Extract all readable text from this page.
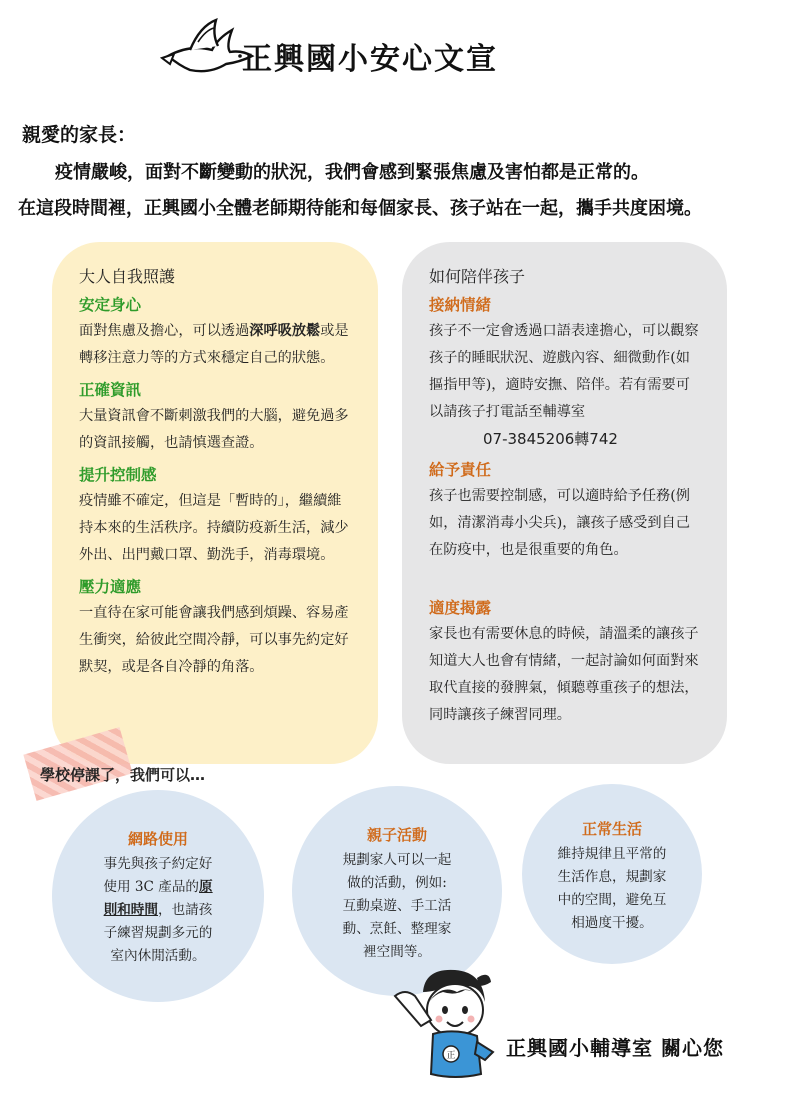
正興國小安心文宣
親愛的家長：
疫情嚴峻，面對不斷變動的狀況，我們會感到緊張焦慮及害怕都是正常的。
在這段時間裡，正興國小全體老師期待能和每個家長、孩子站在一起，攜手共度困境。
大人自我照護
安定身心
面對焦慮及擔心，可以透過深呼吸放鬆或是轉移注意力等的方式來穩定自己的狀態。
正確資訊
大量資訊會不斷刺激我們的大腦，避免過多的資訊接觸，也請慎選查證。
提升控制感
疫情雖不確定，但這是「暫時的」，繼續維持本來的生活秩序。持續防疫新生活，減少外出、出門戴口罩、勤洗手，消毒環境。
壓力適應
一直待在家可能會讓我們感到煩躁、容易產生衝突，給彼此空間冷靜，可以事先約定好默契，或是各自冷靜的角落。
如何陪伴孩子
接納情緒
孩子不一定會透過口語表達擔心，可以觀察孩子的睡眠狀況、遊戲內容、細微動作(如摳指甲等)，適時安撫、陪伴。若有需要可以請孩子打電話至輔導室
07-3845206轉742
給予責任
孩子也需要控制感，可以適時給予任務(例如，清潔消毒小尖兵)，讓孩子感受到自己在防疫中，也是很重要的角色。
適度揭露
家長也有需要休息的時候，請溫柔的讓孩子知道大人也會有情緒，一起討論如何面對來取代直接的發脾氣，傾聽尊重孩子的想法，同時讓孩子練習同理。
學校停課了，我們可以…
網路使用
事先與孩子約定好
使用 3C 產品的原
則和時間，也請孩
子練習規劃多元的
室內休閒活動。
親子活動
規劃家人可以一起
做的活動，例如:
互動桌遊、手工活
動、烹飪、整理家
裡空間等。
正常生活
維持規律且平常的
生活作息，規劃家
中的空間，避免互
相過度干擾。
正	正興國小輔導室 關心您
